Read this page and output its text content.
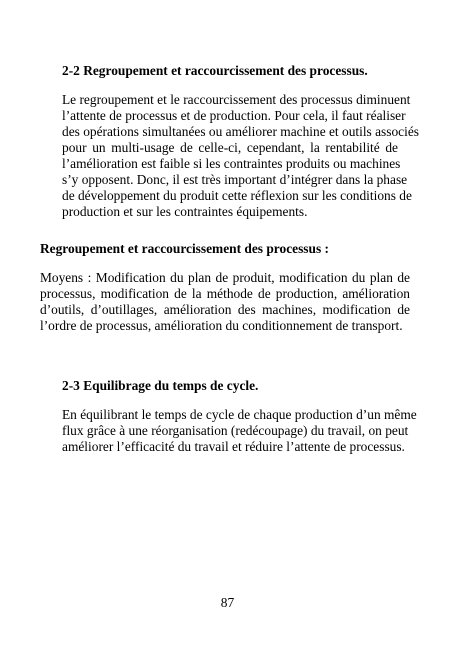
2-2 Regroupement et raccourcissement des processus.
Le regroupement et le raccourcissement des processus diminuent
l’attente de processus et de production. Pour cela, il faut réaliser
des opérations simultanées ou améliorer machine et outils associés
pour un multi-usage de celle-ci, cependant, la rentabilité de
l’amélioration est faible si les contraintes produits ou machines
s’y opposent. Donc, il est très important d’intégrer dans la phase
de développement du produit cette réflexion sur les conditions de
production et sur les contraintes équipements.
Regroupement et raccourcissement des processus :
Moyens : Modification du plan de produit, modification du plan de
processus, modification de la méthode de production, amélioration
d’outils, d’outillages, amélioration des machines, modification de
l’ordre de processus, amélioration du conditionnement de transport.
2-3 Equilibrage du temps de cycle.
En équilibrant le temps de cycle de chaque production d’un même
flux grâce à une réorganisation (redécoupage) du travail, on peut
améliorer l’efficacité du travail et réduire l’attente de processus.
87
